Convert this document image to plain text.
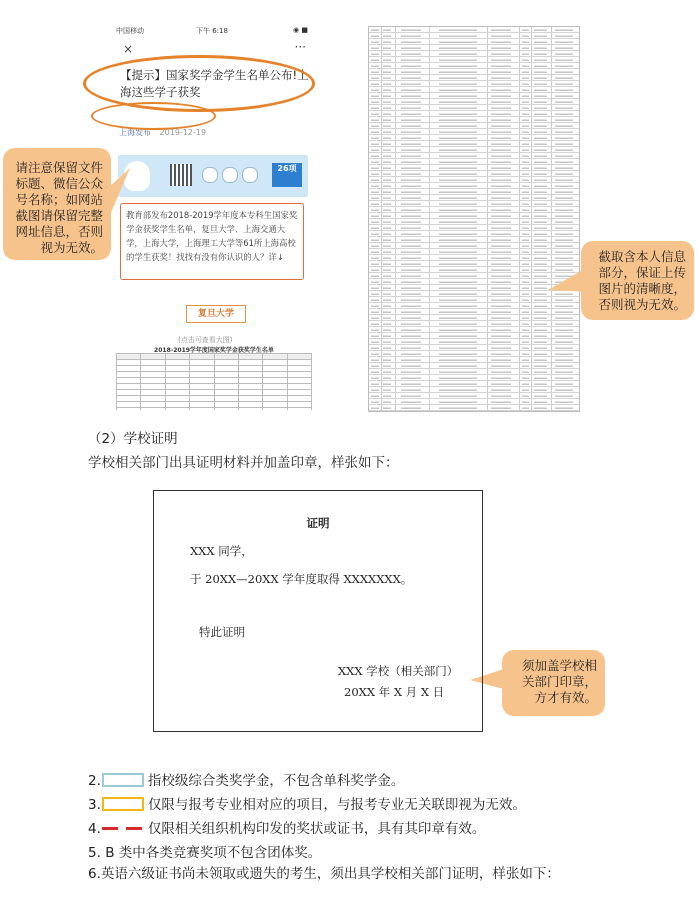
中国移动	下午 6:18	◉ ■
×	···
【提示】国家奖学金学生名单公布!上海这些学子获奖
上海发布 2019-12-19
26项
教育部发布2018-2019学年度本专科生国家奖学金获奖学生名单，复旦大学、上海交通大学，上海大学，上海理工大学等61所上海高校的学生获奖！找找有没有你认识的人？详↓
复旦大学
(点击可查看大图)
2018-2019学年度国家奖学金获奖学生名单

请注意保留文件标题、微信公众号名称；如网站截图请保留完整网址信息，否则视为无效。
截取含本人信息部分，保证上传图片的清晰度，否则视为无效。
（2）学校证明
学校相关部门出具证明材料并加盖印章，样张如下：
证明
XXX 同学，
于 20XX—20XX 学年度取得 XXXXXXX。
特此证明
XXX 学校（相关部门）
20XX 年 X 月 X 日
须加盖学校相关部门印章，方才有效。
2.	指校级综合类奖学金，不包含单科奖学金。
3.	仅限与报考专业相对应的项目，与报考专业无关联即视为无效。
4.	仅限相关组织机构印发的奖状或证书，具有其印章有效。
5. B 类中各类竞赛奖项不包含团体奖。
6.英语六级证书尚未领取或遗失的考生，须出具学校相关部门证明，样张如下：
